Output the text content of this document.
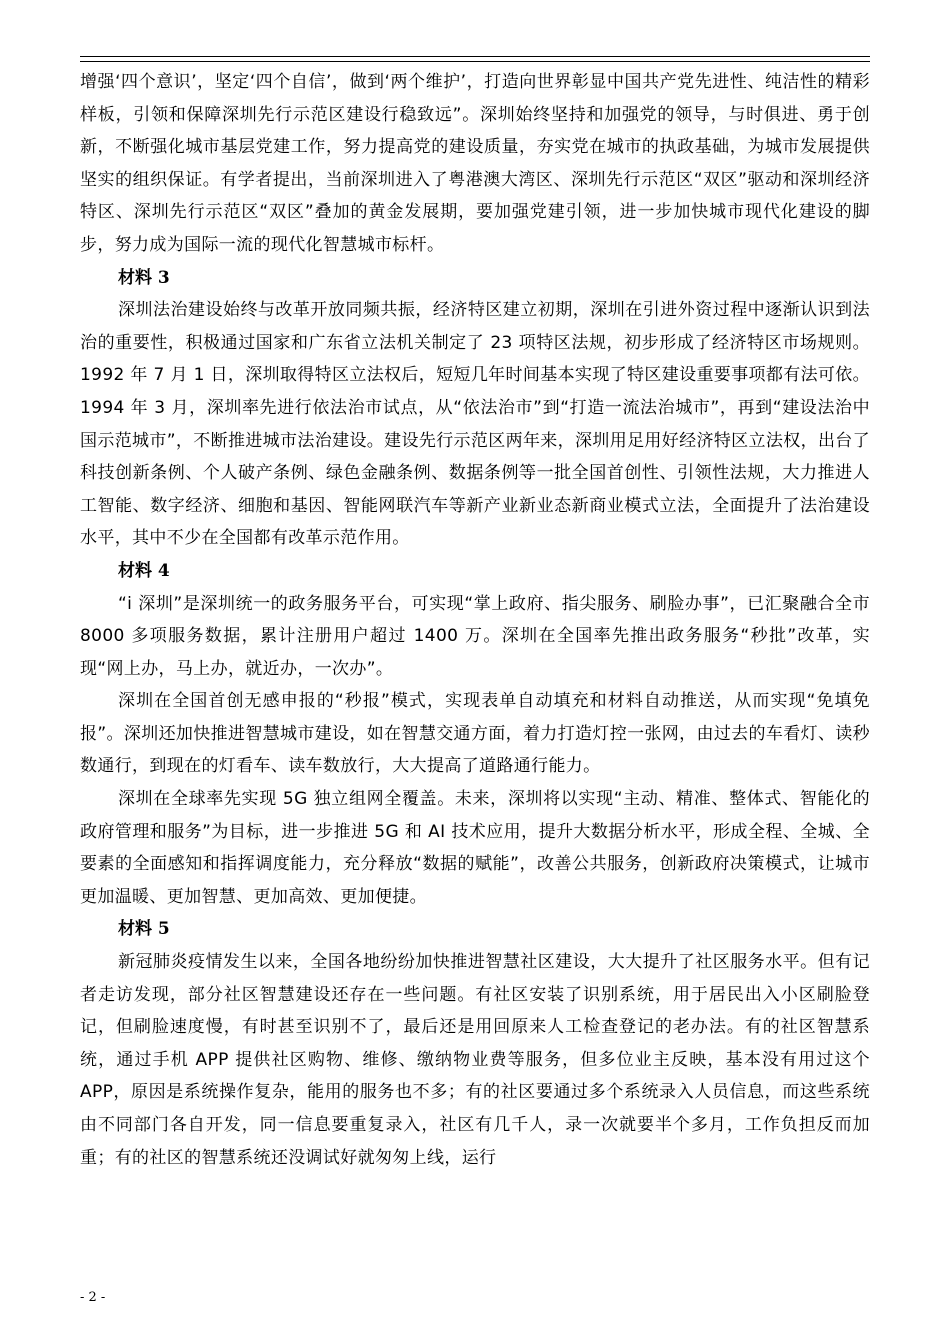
增强‘四个意识’，坚定‘四个自信’，做到‘两个维护’，打造向世界彰显中国共产党先进性、纯洁性的精彩样板，引领和保障深圳先行示范区建设行稳致远”。深圳始终坚持和加强党的领导，与时俱进、勇于创新，不断强化城市基层党建工作，努力提高党的建设质量，夯实党在城市的执政基础，为城市发展提供坚实的组织保证。有学者提出，当前深圳进入了粤港澳大湾区、深圳先行示范区“双区”驱动和深圳经济特区、深圳先行示范区“双区”叠加的黄金发展期，要加强党建引领，进一步加快城市现代化建设的脚步，努力成为国际一流的现代化智慧城市标杆。

材料 3

深圳法治建设始终与改革开放同频共振，经济特区建立初期，深圳在引进外资过程中逐渐认识到法治的重要性，积极通过国家和广东省立法机关制定了 23 项特区法规，初步形成了经济特区市场规则。1992 年 7 月 1 日，深圳取得特区立法权后，短短几年时间基本实现了特区建设重要事项都有法可依。1994 年 3 月，深圳率先进行依法治市试点，从“依法治市”到“打造一流法治城市”，再到“建设法治中国示范城市”，不断推进城市法治建设。建设先行示范区两年来，深圳用足用好经济特区立法权，出台了科技创新条例、个人破产条例、绿色金融条例、数据条例等一批全国首创性、引领性法规，大力推进人工智能、数字经济、细胞和基因、智能网联汽车等新产业新业态新商业模式立法，全面提升了法治建设水平，其中不少在全国都有改革示范作用。

材料 4

“i 深圳”是深圳统一的政务服务平台，可实现“掌上政府、指尖服务、刷脸办事”，已汇聚融合全市 8000 多项服务数据，累计注册用户超过 1400 万。深圳在全国率先推出政务服务“秒批”改革，实现“网上办，马上办，就近办，一次办”。

深圳在全国首创无感申报的“秒报”模式，实现表单自动填充和材料自动推送，从而实现“免填免报”。深圳还加快推进智慧城市建设，如在智慧交通方面，着力打造灯控一张网，由过去的车看灯、读秒数通行，到现在的灯看车、读车数放行，大大提高了道路通行能力。

深圳在全球率先实现 5G 独立组网全覆盖。未来，深圳将以实现“主动、精准、整体式、智能化的政府管理和服务”为目标，进一步推进 5G 和 AI 技术应用，提升大数据分析水平，形成全程、全城、全要素的全面感知和指挥调度能力，充分释放“数据的赋能”，改善公共服务，创新政府决策模式，让城市更加温暖、更加智慧、更加高效、更加便捷。

材料 5

新冠肺炎疫情发生以来，全国各地纷纷加快推进智慧社区建设，大大提升了社区服务水平。但有记者走访发现，部分社区智慧建设还存在一些问题。有社区安装了识别系统，用于居民出入小区刷脸登记，但刷脸速度慢，有时甚至识别不了，最后还是用回原来人工检查登记的老办法。有的社区智慧系统，通过手机 APP 提供社区购物、维修、缴纳物业费等服务，但多位业主反映，基本没有用过这个 APP，原因是系统操作复杂，能用的服务也不多；有的社区要通过多个系统录入人员信息，而这些系统由不同部门各自开发，同一信息要重复录入，社区有几千人，录一次就要半个多月，工作负担反而加重；有的社区的智慧系统还没调试好就匆匆上线，运行

- 2 -
